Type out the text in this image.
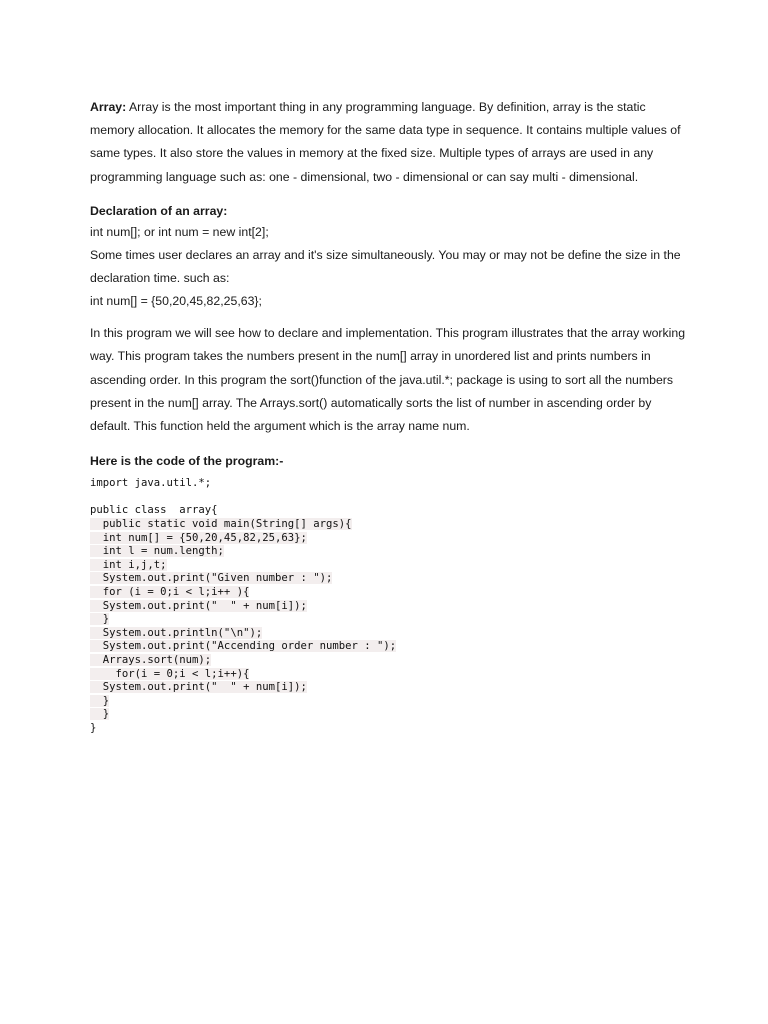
Array: Array is the most important thing in any programming language. By definition, array is the static memory allocation. It allocates the memory for the same data type in sequence. It contains multiple values of same types. It also store the values in memory at the fixed size. Multiple types of arrays are used in any programming language such as: one - dimensional, two - dimensional or can say multi - dimensional.

Declaration of an array:

int num[]; or int num = new int[2];

Some times user declares an array and it's size simultaneously. You may or may not be define the size in the declaration time. such as:

int num[] = {50,20,45,82,25,63};

In this program we will see how to declare and implementation. This program illustrates that the array working way. This program takes the numbers present in the num[] array in unordered list and prints numbers in ascending order. In this program the sort()function of the java.util.*; package is using to sort all the numbers present in the num[] array. The Arrays.sort() automatically sorts the list of number in ascending order by default. This function held the argument which is the array name num.

Here is the code of the program:-

import java.util.*;
public class  array{
public static void main(String[] args){
int num[] = {50,20,45,82,25,63};
int l = num.length;
int i,j,t;
System.out.print("Given number : ");
for (i = 0;i < l;i++ ){
System.out.print("  " + num[i]);
}
System.out.println("\n");
System.out.print("Accending order number : ");
Arrays.sort(num);
for(i = 0;i < l;i++){
System.out.print("  " + num[i]);
}
}
}
